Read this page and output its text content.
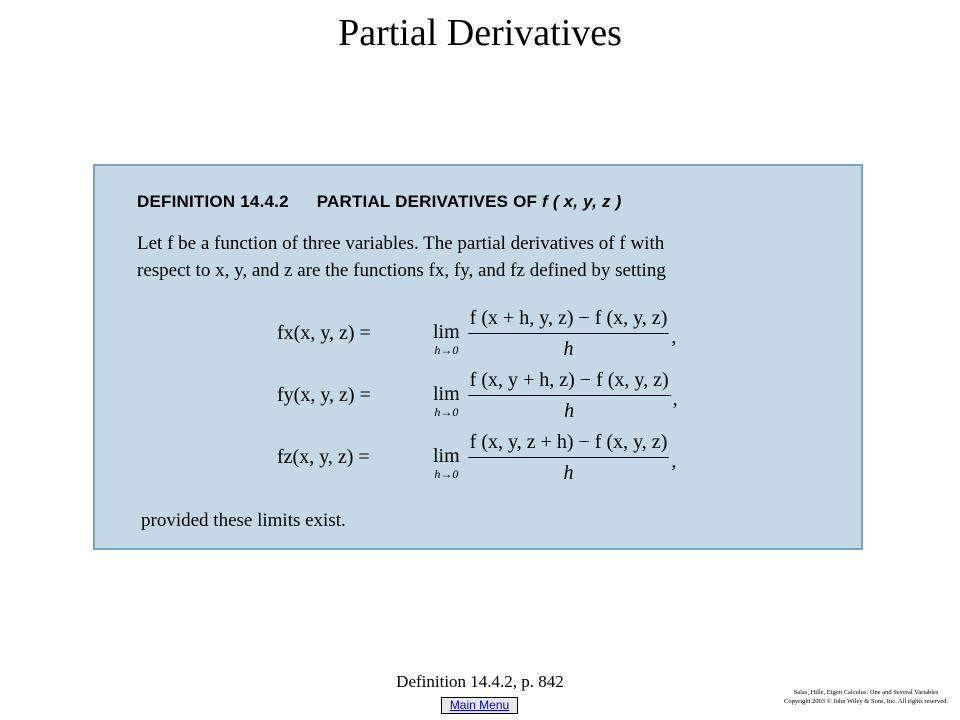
Partial Derivatives
DEFINITION 14.4.2 PARTIAL DERIVATIVES OF f ( x, y, z )
Let f be a function of three variables. The partial derivatives of f with
respect to x, y, and z are the functions fx, fy, and fz defined by setting
fx(x, y, z) =	lim
$h\to 0 \frac{f (x + h, y, z) - f (x, y, z)}{h}$ ,
fy(x, y, z) =	lim
$h\to 0 \frac{f (x, y + h, z) - f (x, y, z)}{h}$ ,
fz(x, y, z) =	lim
$h\to 0 \frac{f (x, y, z + h) - f (x, y, z)}{h}$ ,
provided these limits exist.
Definition 14.4.2, p. 842
Main Menu
Salas, Hille, Etgen Calculus: One and Several Variables
Copyright 2003 © John Wiley & Sons, Inc. All rights reserved.
